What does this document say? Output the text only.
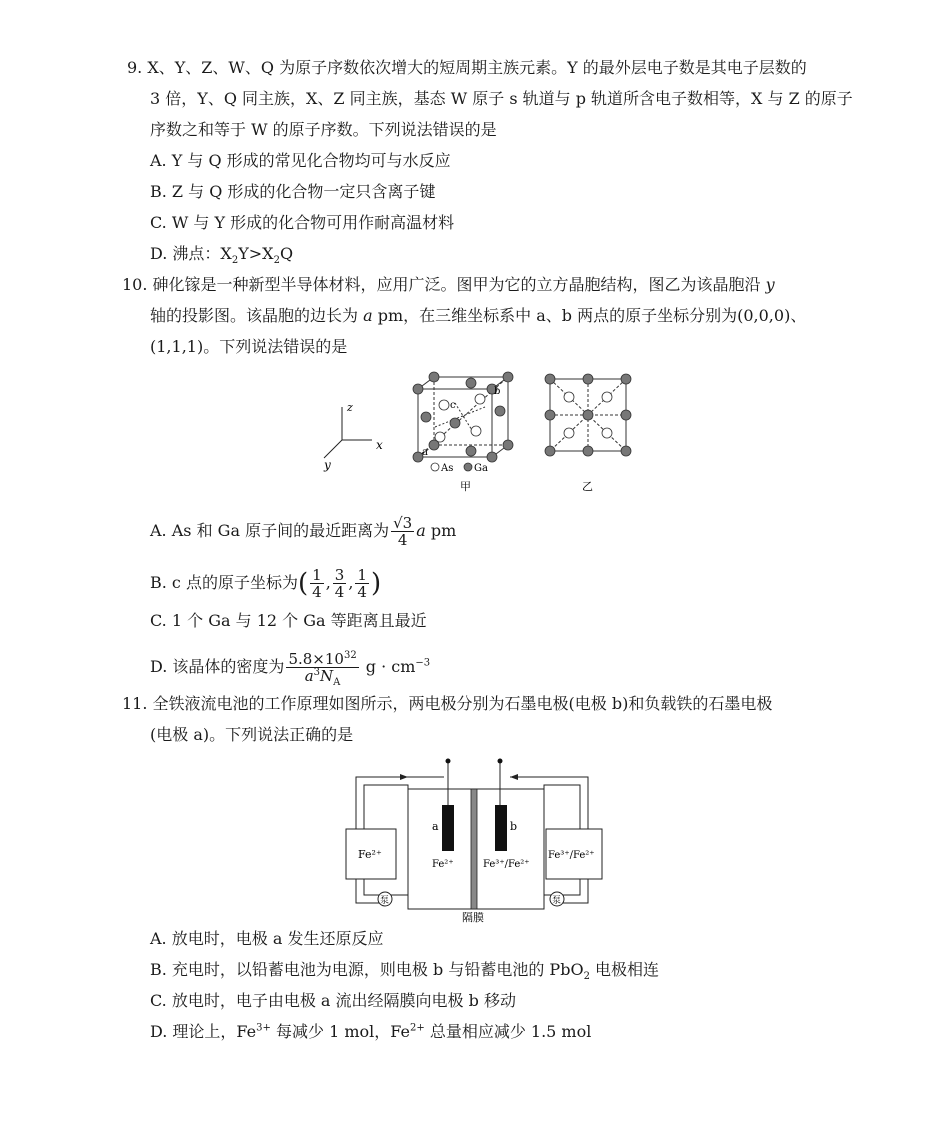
9. X、Y、Z、W、Q 为原子序数依次增大的短周期主族元素。Y 的最外层电子数是其电子层数的
3 倍，Y、Q 同主族，X、Z 同主族，基态 W 原子 s 轨道与 p 轨道所含电子数相等，X 与 Z 的原子
序数之和等于 W 的原子序数。下列说法错误的是
A. Y 与 Q 形成的常见化合物均可与水反应
B. Z 与 Q 形成的化合物一定只含离子键
C. W 与 Y 形成的化合物可用作耐高温材料
D. 沸点：$X_2Y>X_2Q$
10. 砷化镓是一种新型半导体材料，应用广泛。图甲为它的立方晶胞结构，图乙为该晶胞沿 y
轴的投影图。该晶胞的边长为 a pm，在三维坐标系中 a、b 两点的原子坐标分别为(0,0,0)、
(1,1,1)。下列说法错误的是
z
x
y
a
b
c
As Ga
甲	乙
A. As 和 Ga 原子间的最近距离为 $\frac{√3}{4}$ a pm
B. c 点的原子坐标为( $\frac{1}{4}$ , $\frac{3}{4}$ , $\frac{1}{4}$ )
C. 1 个 Ga 与 12 个 Ga 等距离且最近
D. 该晶体的密度为 $\frac{5.8\times 10^{32}}{a^3N_A}$ $g \cdot cm^{-3}$
11. 全铁液流电池的工作原理如图所示，两电极分别为石墨电极(电极 b)和负载铁的石墨电极
(电极 a)。下列说法正确的是
Fe²⁺	Fe³⁺/Fe²⁺
Fe²⁺	Fe³⁺/Fe²⁺
a	b
泵	泵
隔膜
A. 放电时，电极 a 发生还原反应
B. 充电时，以铅蓄电池为电源，则电极 b 与铅蓄电池的 PbO$_2$ 电极相连
C. 放电时，电子由电极 a 流出经隔膜向电极 b 移动
D. 理论上，$Fe^{3+}$ 每减少 1 mol，$Fe^{2+}$ 总量相应减少 1.5 mol
